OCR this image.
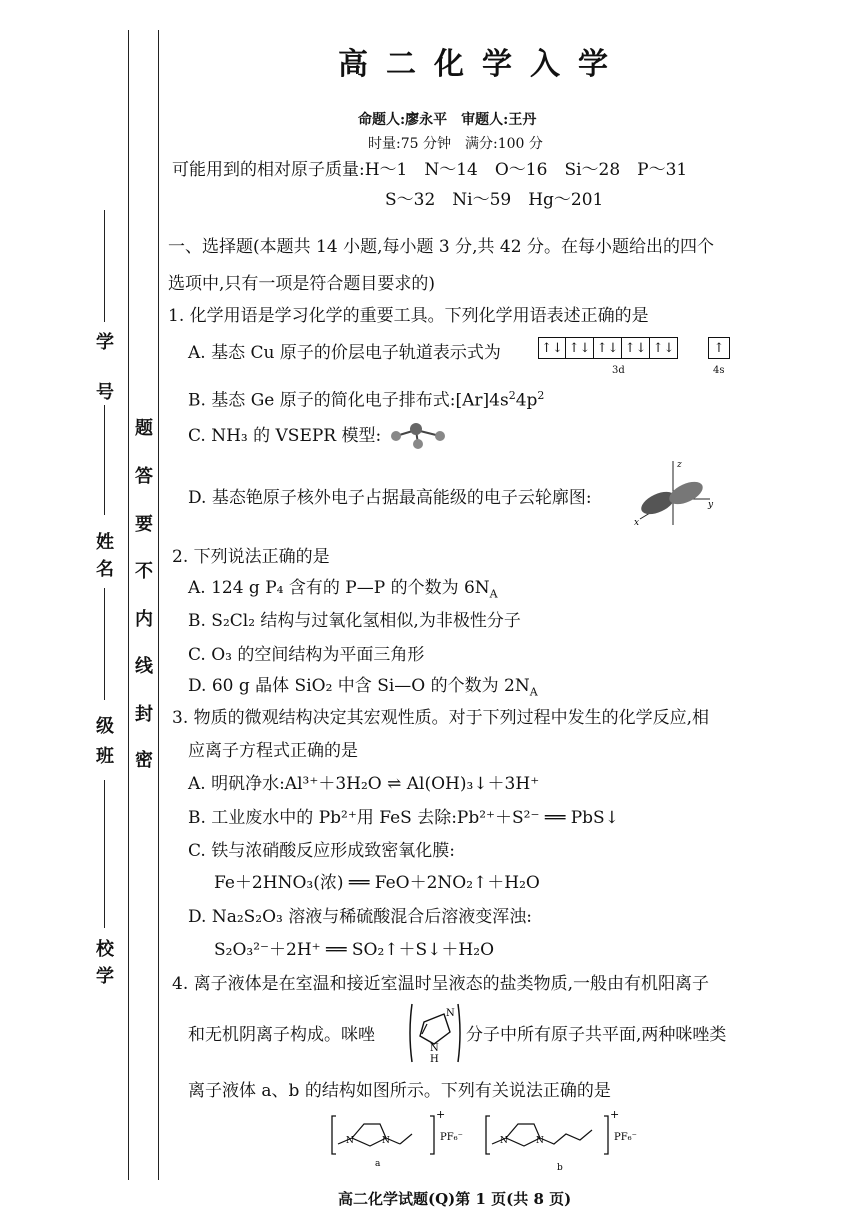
学
号
姓
名
班
级
学
校
题
答
要
不
内
线
封
密
高二化学入学
命题人:廖永平　审题人:王丹
时量:75 分钟　满分:100 分
可能用到的相对原子质量:H～1　N～14　O～16　Si～28　P～31
S～32　Ni～59　Hg～201
一、选择题(本题共 14 小题,每小题 3 分,共 42 分。在每小题给出的四个
选项中,只有一项是符合题目要求的)
1. 化学用语是学习化学的重要工具。下列化学用语表述正确的是
A. 基态 Cu 原子的价层电子轨道表示式为	↑↓ ↑↓ ↑↓ ↑↓ ↑↓	↑
3d	4s
B. 基态 Ge 原子的简化电子排布式$:[Ar]4s^24p^2$
C. NH₃ 的 VSEPR 模型:
D. 基态铯原子核外电子占据最高能级的电子云轮廓图:
z
y
x
2. 下列说法正确的是
A. 124 g P₄ 含有的 P—P 的个数为 $6N_A$
B. S₂Cl₂ 结构与过氧化氢相似,为非极性分子
C. O₃ 的空间结构为平面三角形
D. 60 g 晶体 SiO₂ 中含 Si—O 的个数为 $2N_A$
3. 物质的微观结构决定其宏观性质。对于下列过程中发生的化学反应,相
应离子方程式正确的是
A. 明矾净水:Al³⁺＋3H₂O ⇌ Al(OH)₃↓＋3H⁺
B. 工业废水中的 Pb²⁺用 FeS 去除:Pb²⁺＋S²⁻ ══ PbS↓
C. 铁与浓硝酸反应形成致密氧化膜:
Fe＋2HNO₃(浓) ══ FeO＋2NO₂↑＋H₂O
D. Na₂S₂O₃ 溶液与稀硫酸混合后溶液变浑浊:
S₂O₃²⁻＋2H⁺ ══ SO₂↑＋S↓＋H₂O
4. 离子液体是在室温和接近室温时呈液态的盐类物质,一般由有机阳离子
和无机阴离子构成。咪唑
N
N
H
分子中所有原子共平面,两种咪唑类
离子液体 a、b 的结构如图所示。下列有关说法正确的是
N	N
+
PF₆⁻
a
N	N
+
PF₆⁻
b
高二化学试题(Q)第 1 页(共 8 页)
